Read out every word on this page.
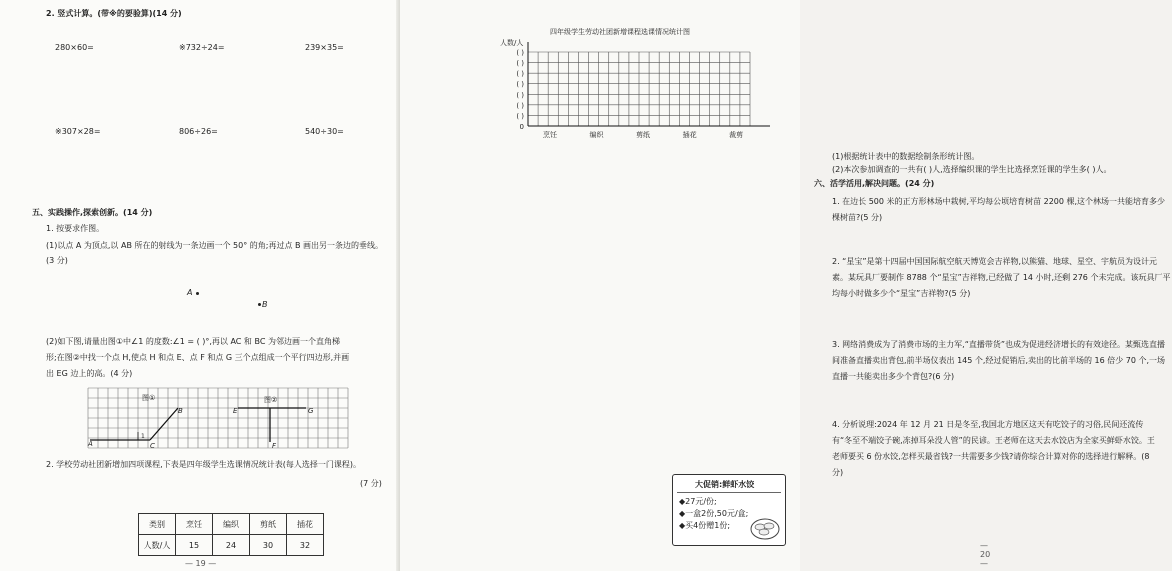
2. 竖式计算。(带※的要验算)(14 分)
280×60=	※732÷24=	239×35=
※307×28=	806÷26=	540÷30=
五、实践操作,探索创新。(14 分)
1. 按要求作图。
(1)以点 A 为顶点,以 AB 所在的射线为一条边画一个 50° 的角;再过点 B 画出另一条边的垂线。(3 分)
A
B
(2)如下图,请量出图①中∠1 的度数:∠1 = ( )°,再以 AC 和 BC 为邻边画一个直角梯
形;在图②中找一个点 H,使点 H 和点 E、点 F 和点 G 三个点组成一个平行四边形,并画
出 EG 边上的高。(4 分)
图①	图②
A	C
B
1
E
F
G
2. 学校劳动社团新增加四项课程,下表是四年级学生选课情况统计表(每人选择一门课程)。
(7 分)
类别	烹饪	编织	剪纸	插花
人数/人	15	24	30	32
— 19 —
四年级学生劳动社团新增课程选课情况统计图
人数/人
( )
( )
( )
( )
( )
( )
( )
0
烹饪	编织	剪纸	插花	裁剪
(1)根据统计表中的数据绘制条形统计图。
(2)本次参加调查的一共有( )人,选择编织课的学生比选择烹饪课的学生多( )人。
六、活学活用,解决问题。(24 分)
1. 在边长 500 米的正方形林场中栽树,平均每公顷培育树苗 2200 棵,这个林场一共能培育多少棵树苗?(5 分)
2. “星宝”是第十四届中国国际航空航天博览会吉祥物,以熊猫、地球、星空、宇航员为设计元素。某玩具厂要制作 8788 个“星宝”吉祥物,已经做了 14 小时,还剩 276 个未完成。该玩具厂平均每小时做多少个“星宝”吉祥物?(5 分)
3. 网络消费成为了消费市场的主力军,“直播带货”也成为促进经济增长的有效途径。某甄选直播间准备直播卖出背包,前半场仪表出 145 个,经过促销后,卖出的比前半场的 16 倍少 70 个,一场直播一共能卖出多少个背包?(6 分)
4. 分析说理:2024 年 12 月 21 日是冬至,我国北方地区这天有吃饺子的习俗,民间还流传有“冬至不端饺子碗,冻掉耳朵没人管”的民谚。王老师在这天去水饺店为全家买鲜虾水饺。王老师要买 6 份水饺,怎样买最省钱?一共需要多少钱?请你综合计算对你的选择进行解释。(8 分)
— 20 —
大促销:鲜虾水饺
◆27元/份;
◆一盒2份,50元/盒;
◆买4份赠1份;
